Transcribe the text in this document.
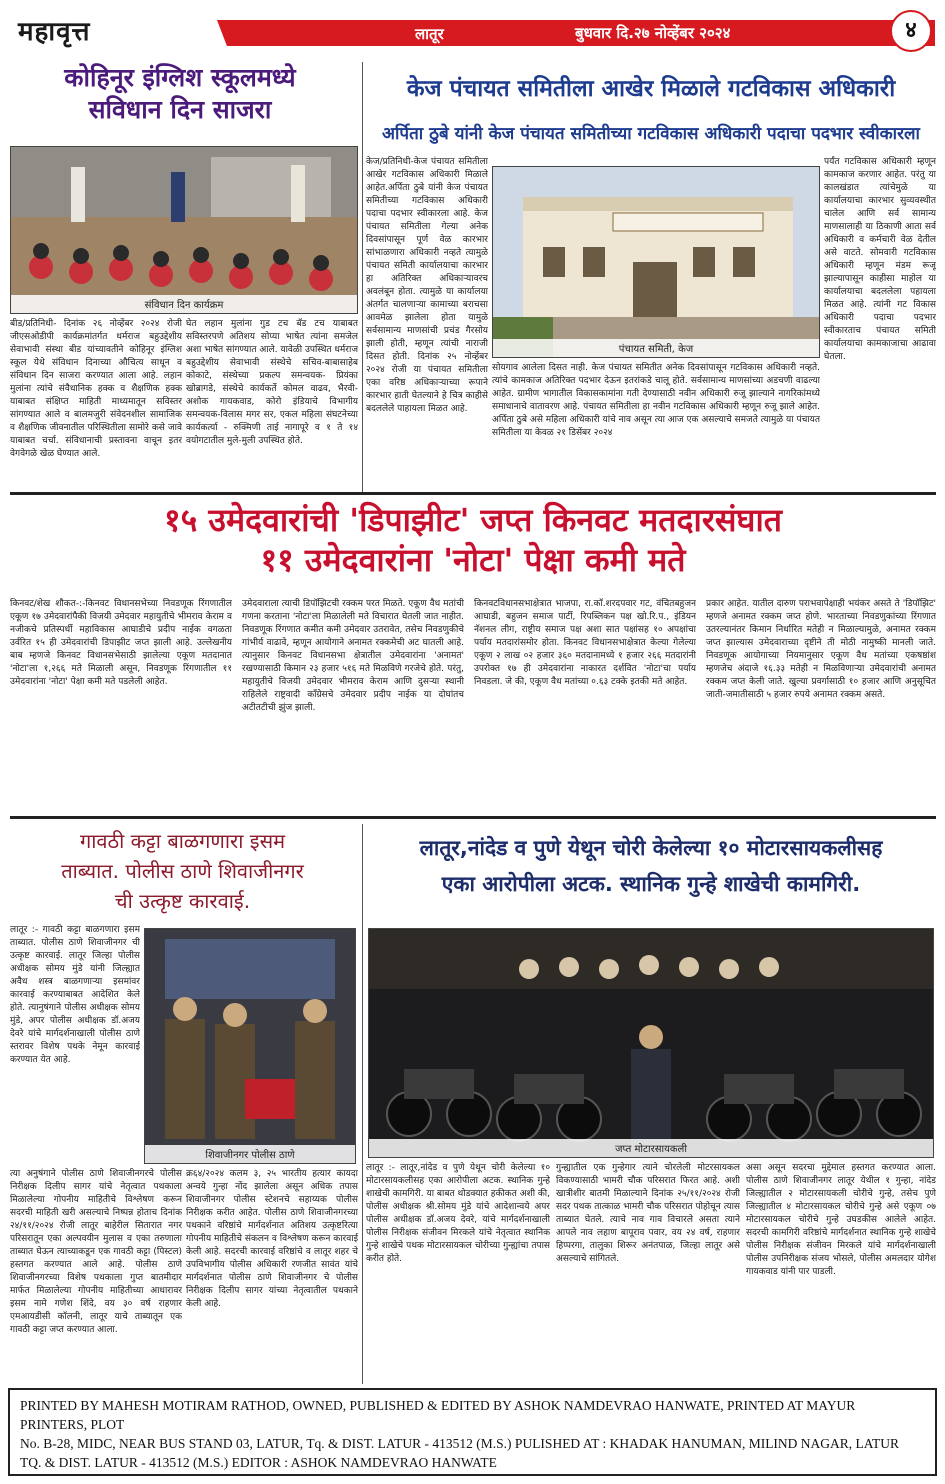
महावृत्त	लातूर	बुधवार दि.२७ नोव्हेंबर २०२४	४
कोहिनूर इंग्लिश स्कूलमध्ये
सविधान दिन साजरा
संविधान दिन कार्यक्रम
बीड/प्रतिनिधी- दिनांक २६ नोव्हेंबर २०२४ रोजी जीएसओडीपी कार्यक्रमांतर्गत धर्मराज बहुउद्देशीय सेवाभावी संस्था बीड यांच्यावतीने कोहिनूर इंग्लिश स्कूल येथे संविधान दिनाच्या औचित्य साधून व संविधान दिन साजरा करण्यात आला आहे. लहान मुलांना त्यांचे संवैधानिक हक्क व शैक्षणिक हक्क याबाबत संक्षिप्त माहिती माध्यमातून सविस्तर सांगण्यात आले व बालमजुरी संवेदनशील सामाजिक व शैक्षणिक जीवनातील परिस्थितीला सामोरे कसे जावे याबाबत चर्चा. संविधानाची प्रस्तावना वाचून इतर वेगवेगळे खेळ घेण्यात आले.
घेत लहान मुलांना गुड टच बॅड टच याबाबत सविस्तरपणे अतिशय सोप्या भाषेत त्यांना समजेल अशा भाषेत सांगण्यात आले. यावेळी उपस्थित धर्मराज बहुउद्देशीय सेवाभावी संस्थेचे सचिव-बाबासाहेब कोकाटे, संस्थेच्या प्रकल्प समन्वयक- प्रियंका खोब्रागडे, संस्थेचे कार्यकर्ते कोमल वाढव, भैरवी-अशोक गायकवाड, कोरो इंडियाचे विभागीय समन्वयक-विलास मगर सर, एकल महिला संघटनेच्या कार्यकर्त्या - रुक्मिणी ताई नागापूरे व १ ते १४ वयोगटातील मुले-मुली उपस्थित होते.
केज पंचायत समितीला आखेर मिळाले गटविकास अधिकारी
अर्पिता ठुबे यांनी केज पंचायत समितीच्या गटविकास अधिकारी पदाचा पदभार स्वीकारला
केज/प्रतिनिधी-केज पंचायत समितीला आखेर गटविकास अधिकारी मिळाले आहेत.अर्पिता ठुबे यांनी केज पंचायत समितीच्या गटविकास अधिकारी पदाचा पदभार स्वीकारला आहे. केज पंचायत समितीला गेल्या अनेक दिवसांपासून पूर्ण वेळ कारभार सांभाळणारा अधिकारी नव्हते त्यामुळे पंचायत समिती कार्यालयाचा कारभार हा अतिरिक्त अधिकाऱ्यावरच अवलंबून होता. त्यामुळे या कार्यालया अंतर्गत चालणाऱ्या कामाच्या बराचसा आवमेळ झालेला होता यामुळे सर्वसामान्य माणसांची प्रचंड गैरसोय झाली होती, म्हणून त्यांची नाराजी दिसत होती. दिनांक २५ नोव्हेंबर २०२४ रोजी या पंचायत समितीला एका वरिष्ठ अधिकाऱ्याच्या रूपाने कारभार हाती घेतल्याने हे चित्र काहीसे बदललेले पाहायला मिळत आहे.
पंचायत समिती, केज
सोयगाव आलेला दिसत नाही. केज पंचायत समितीत अनेक दिवसांपासून गटविकास अधिकारी नव्हते. त्यांचे कामकाज अतिरिक्त पदभार देऊन इतरांकडे चालू होते. सर्वसामान्य माणसांच्या अडचणी वाढल्या आहेत. ग्रामीण भागातील विकासकामांना गती देण्यासाठी नवीन अधिकारी रुजू झाल्याने नागरिकांमध्ये समाधानाचे वातावरण आहे. पंचायत समितीला हा नवीन गटविकास अधिकारी म्हणून रुजू झाले आहेत. अर्पिता ठुबे असे महिला अधिकारी यांचे नाव असून त्या आज एक असल्याचे समजते त्यामुळे या पंचायत समितीला या केवळ २१ डिसेंबर २०२४
पर्यंत गटविकास अधिकारी म्हणून कामकाज करणार आहेत. परंतु या कालखंडात त्यांचेमुळे या कार्यालयाचा कारभार सुव्यवस्थीत चालेल आणि सर्व सामान्य माणसालाही या ठिकाणी आता सर्व अधिकारी व कर्मचारी वेळ देतील असे वाटते. सोमवारी गटविकास अधिकारी म्हणून मंडम रूजू झाल्यापासून काहीसा माहोल या कार्यालयाचा बदललेला पहायला मिळत आहे. त्यांनी गट विकास अधिकारी पदाचा पदभार स्वीकारताच पंचायत समिती कार्यालयाचा कामकाजाचा आढावा घेतला.
१५ उमेदवारांची 'डिपाझीट' जप्त किनवट मतदारसंघात
११ उमेदवारांना 'नोटा' पेक्षा कमी मते
किनवट/शेख शौकत-:-किनवट विधानसभेच्या निवडणूक रिंगणातील एकूण १७ उमेदवारांपैकी विजयी उमेदवार महायुतीचे भीमराव केराम व नजीकचे प्रतिस्पर्धी महाविकास आघाडीचे प्रदीप नाईक वगळता उर्वरित १५ ही उमेदवारांची डिपाझीट जप्त झाली आहे. उल्लेखनीय बाब म्हणजे किनवट विधानसभेसाठी झालेल्या एकूण मतदानात 'नोटा'ला १,२६६ मते मिळाली असून, निवडणूक रिंगणातील ११ उमेदवारांना 'नोटा' पेक्षा कमी मते पडलेली आहेत.
उमेदवाराला त्याची डिपॉझिटची रक्कम परत मिळते. एकूण वैध मतांची गणना करताना 'नोटा'ला मिळालेली मते विचारात घेतली जात नाहीत. निवडणूक रिंगणात कमीत कमी उमेदवार उतरावेत, तसेच निवडणुकीचे गांभीर्य वाढावे, म्हणून आयोगाने अनामत रक्कमेची अट घातली आहे. त्यानुसार किनवट विधानसभा क्षेत्रातील उमेदवारांना 'अनामत' रखण्यासाठी किमान २३ हजार ५१६ मते मिळविणे गरजेचे होते. परंतु, महायुतीचे विजयी उमेदवार भीमराव केराम आणि दुसऱ्या स्थानी राहिलेले राष्ट्रवादी काँग्रेसचे उमेदवार प्रदीप नाईक या दोघांतच अटीतटीची झुंज झाली.
किनवटविधानसभाक्षेत्रात भाजपा, रा.कॉ.शरदपवार गट, वंचितबहुजन आघाडी, बहुजन समाज पार्टी, रिपब्लिकन पक्ष खो.रि.प., इंडियन नॅशनल लीग, राष्ट्रीय समाज पक्ष अशा सात पक्षांसह १० अपक्षांचा पर्याय मतदारांसमोर होता. किनवट विधानसभाक्षेत्रात केल्या गेलेल्या एकूण २ लाख ०२ हजार ३६० मतदानामध्ये १ हजार २६६ मतदारांनी उपरोक्त १७ ही उमेदवारांना नाकारत दर्शवित 'नोटा'चा पर्याय निवडला. जे की, एकूण वैध मतांच्या ०.६३ टक्के इतकी मते आहेत.
प्रकार आहेत. यातील दारुण पराभवापेक्षाही भयंकर असते ते 'डिपॉझिट' म्हणजे अनामत रक्कम जप्त होणे. भारताच्या निवडणुकांच्या रिंगणात उतरल्यानंतर किमान निर्धारित मतेही न मिळाल्यामुळे, अनामत रक्कम जप्त झाल्यास उमेदवाराच्या दृष्टीने ती मोठी नामुष्की मानली जाते. निवडणूक आयोगाच्या नियमानुसार एकूण वैध मतांच्या एकषष्ठांश म्हणजेच अंदाजे १६.३३ मतेही न मिळविणाऱ्या उमेदवारांची अनामत रक्कम जप्त केली जाते. खुल्या प्रवर्गासाठी १० हजार आणि अनुसूचित जाती-जमातीसाठी ५ हजार रुपये अनामत रक्कम असते.
गावठी कट्टा बाळगणारा इसम
ताब्यात. पोलीस ठाणे शिवाजीनगर
ची उत्कृष्ट कारवाई.
लातूर :- गावठी कट्टा बाळगणारा इसम ताब्यात. पोलीस ठाणे शिवाजीनगर ची उत्कृष्ट कारवाई. लातूर जिल्हा पोलीस अधीक्षक सोमय मुंडे यांनी जिल्ह्यात अवैध शस्त्र बाळगणाऱ्या इसमांवर कारवाई करण्याबाबत आदेशित केले होते. त्यानुषंगाने पोलीस अधीक्षक सोमय मुंडे, अपर पोलीस अधीक्षक डॉ.अजय देवरे यांचे मार्गदर्शनाखाली पोलीस ठाणे स्तरावर विशेष पथके नेमून कारवाई करण्यात येत आहे.
शिवाजीनगर पोलीस ठाणे
त्या अनुषंगाने पोलीस ठाणे शिवाजीनगरचे पोलीस निरीक्षक दिलीप सागर यांचे नेतृत्वात पथकाला मिळालेल्या गोपनीय माहितीचे विश्लेषण करून सदरची माहिती खरी असल्याचे निष्पन्न होताच दिनांक २४/११/२०२४ रोजी लातूर बाहेरील सितारात नगर परिसरातून एका अल्पवयीन मुलास व एका तरुणाला ताब्यात घेऊन त्याच्याकडून एक गावठी कट्टा (पिस्टल) हस्तगत करण्यात आले आहे. पोलीस ठाणे शिवाजीनगरच्या विशेष पथकाला गुप्त बातमीदार मार्फत मिळालेल्या गोपनीय माहितीच्या आधारावर इसम नामे गणेश शिंदे, वय ३० वर्ष राहणार एमआयडीसी कॉलनी, लातूर याचे ताब्यातून एक गावठी कट्टा जप्त करण्यात आला.
क्र६४/२०२४ कलम ३, २५ भारतीय हत्यार कायदा अन्वये गुन्हा नोंद झालेला असून अधिक तपास शिवाजीनगर पोलीस स्टेशनचे सहाय्यक पोलीस निरीक्षक करीत आहेत. पोलीस ठाणे शिवाजीनगरच्या पथकाने वरिष्ठांचे मार्गदर्शनात अतिशय उत्कृष्टरित्या गोपनीय माहितीचे संकलन व विश्लेषण करून कारवाई केली आहे. सदरची कारवाई वरिष्ठांचे व लातूर शहर चे उपविभागीय पोलीस अधिकारी रणजीत सावंत यांचे मार्गदर्शनात पोलीस ठाणे शिवाजीनगर चे पोलीस निरीक्षक दिलीप सागर यांच्या नेतृत्वातील पथकाने केली आहे.
लातूर,नांदेड व पुणे येथून चोरी केलेल्या १० मोटारसायकलीसह
एका आरोपीला अटक. स्थानिक गुन्हे शाखेची कामगिरी.
जप्त मोटारसायकली
लातूर :- लातूर,नांदेड व पुणे येथून चोरी केलेल्या १० मोटारसायकलीसह एका आरोपीला अटक. स्थानिक गुन्हे शाखेची कामगिरी. या बाबत थोडक्यात हकीकत अशी की, पोलीस अधीक्षक श्री.सोमय मुंडे यांचे आदेशान्वये अपर पोलीस अधीक्षक डॉ.अजय देवरे, यांचे मार्गदर्शनाखाली पोलीस निरीक्षक संजीवन मिरकले यांचे नेतृत्वात स्थानिक गुन्हे शाखेचे पथक मोटारसायकल चोरीच्या गुन्ह्यांचा तपास करीत होते.
गुन्ह्यातील एक गुन्हेगार त्याने चोरलेली मोटरसायकल विकण्यासाठी भामरी चौक परिसरात फिरत आहे. अशी खात्रीशीर बातमी मिळाल्याने दिनांक २५/११/२०२४ रोजी सदर पथक तात्काळ भामरी चौक परिसरात पोहोचून त्यास ताब्यात घेतले. त्याचे नाव गाव विचारले असता त्याने आपले नाव लहाण बापूराव पवार, वय २४ वर्ष, राहणार हिप्परगा, तालुका शिरूर अनंतपाळ, जिल्हा लातूर असे असल्याचे सांगितले.
असा असून सदरचा मुद्देमाल हस्तगत करण्यात आला. पोलीस ठाणे शिवाजीनगर लातूर येथील १ गुन्हा, नांदेड जिल्ह्यातील २ मोटारसायकली चोरीचे गुन्हे, तसेच पुणे जिल्ह्यातील ४ मोटारसायकल चोरीचे गुन्हे असे एकूण ०७ मोटारसायकल चोरीचे गुन्हे उघडकीस आलेले आहेत. सदरची कामगिरी वरिष्ठांचे मार्गदर्शनात स्थानिक गुन्हे शाखेचे पोलीस निरीक्षक संजीवन मिरकले यांचे मार्गदर्शनाखाली पोलीस उपनिरीक्षक संजय भोसले, पोलीस अमलदार योगेश गायकवाड यांनी पार पाडली.
PRINTED BY MAHESH MOTIRAM RATHOD, OWNED, PUBLISHED & EDITED BY ASHOK NAMDEVRAO HANWATE, PRINTED AT MAYUR PRINTERS, PLOT
No. B-28, MIDC, NEAR BUS STAND 03, LATUR, Tq. & DIST. LATUR - 413512 (M.S.) PULISHED AT : KHADAK HANUMAN, MILIND NAGAR, LATUR
TQ. & DIST. LATUR - 413512 (M.S.) EDITOR : ASHOK NAMDEVRAO HANWATE
